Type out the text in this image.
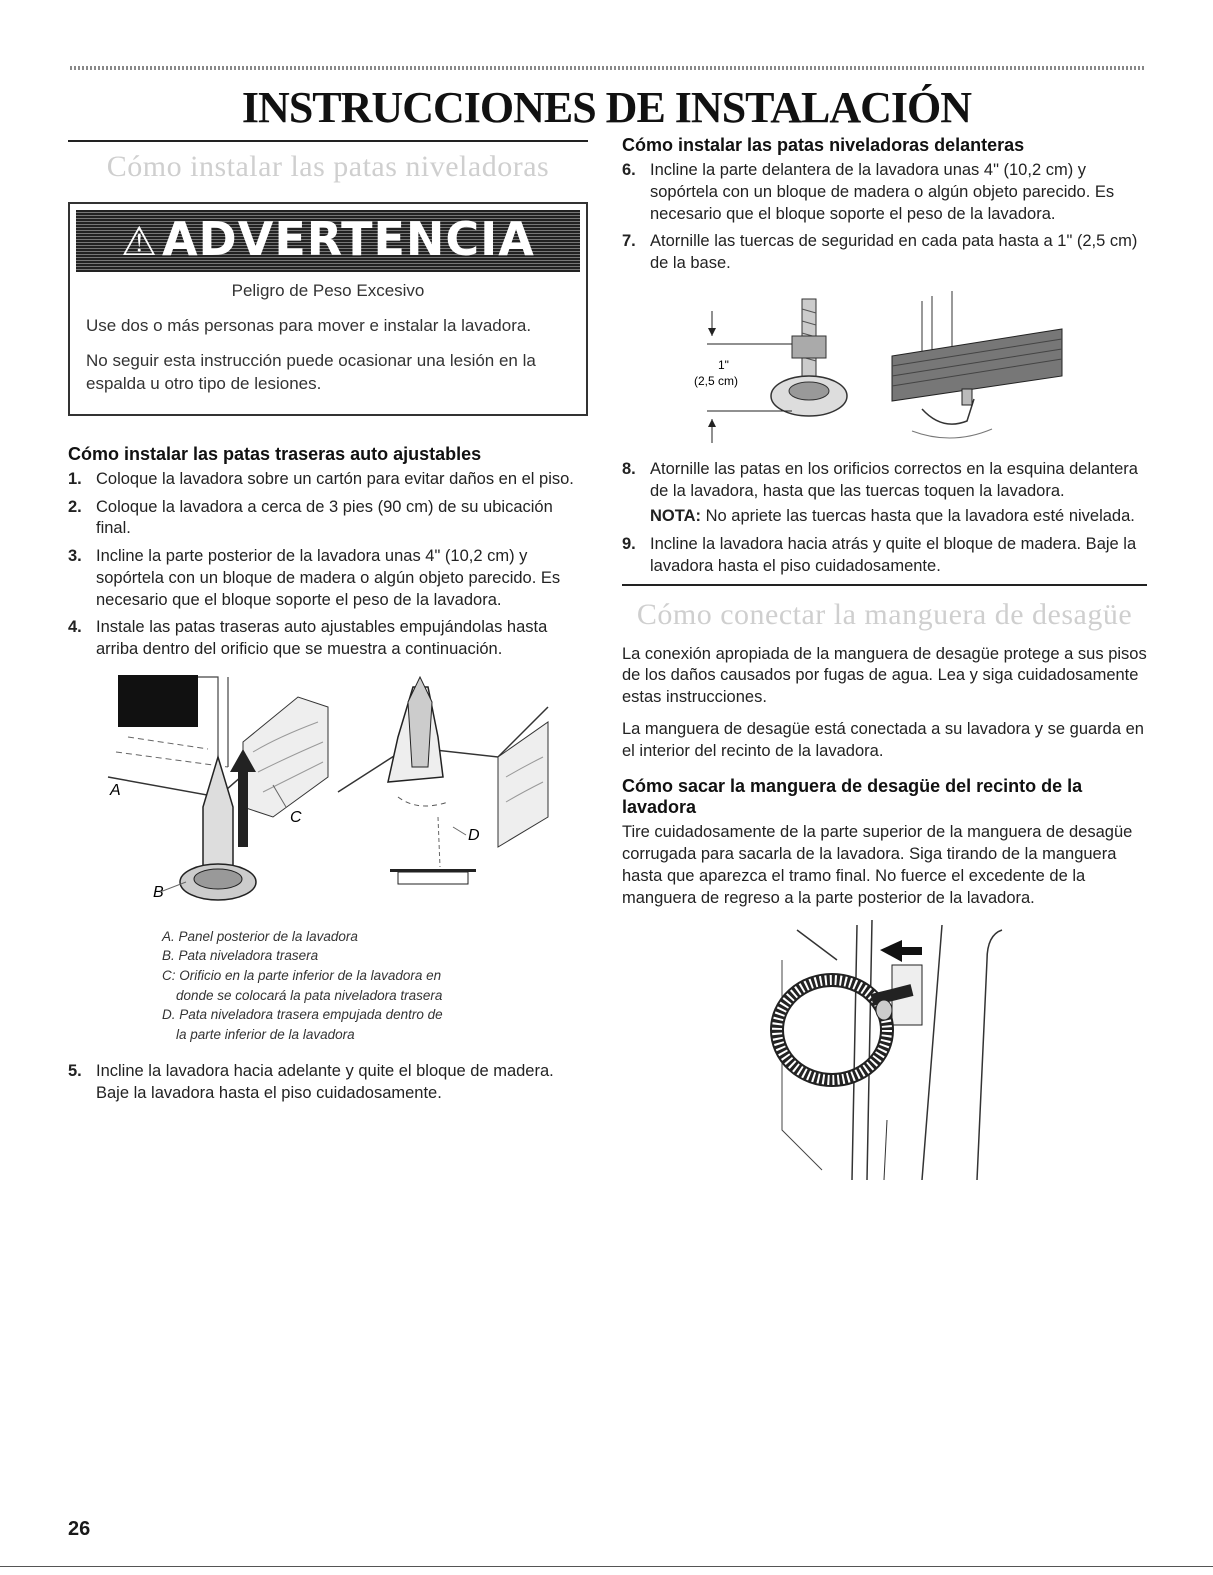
INSTRUCCIONES DE INSTALACIÓN
Cómo instalar las patas niveladoras
⚠ADVERTENCIA

Peligro de Peso Excesivo

Use dos o más personas para mover e instalar la lavadora.

No seguir esta instrucción puede ocasionar una lesión en la espalda u otro tipo de lesiones.

Cómo instalar las patas traseras auto ajustables
1. Coloque la lavadora sobre un cartón para evitar daños en el piso.
2. Coloque la lavadora a cerca de 3 pies (90 cm) de su ubicación final.
3. Incline la parte posterior de la lavadora unas 4" (10,2 cm) y sopórtela con un bloque de madera o algún objeto parecido. Es necesario que el bloque soporte el peso de la lavadora.
4. Instale las patas traseras auto ajustables empujándolas hasta arriba dentro del orificio que se muestra a continuación.
A
B
C
D
A. Panel posterior de la lavadora
B. Pata niveladora trasera
C: Orificio en la parte inferior de la lavadora en
donde se colocará la pata niveladora trasera
D. Pata niveladora trasera empujada dentro de
la parte inferior de la lavadora
5. Incline la lavadora hacia adelante y quite el bloque de madera. Baje la lavadora hasta el piso cuidadosamente.
Cómo instalar las patas niveladoras delanteras
6. Incline la parte delantera de la lavadora unas 4" (10,2 cm) y sopórtela con un bloque de madera o algún objeto parecido. Es necesario que el bloque soporte el peso de la lavadora.
7. Atornille las tuercas de seguridad en cada pata hasta a 1" (2,5 cm) de la base.
1"
(2,5 cm)
8. Atornille las patas en los orificios correctos en la esquina delantera de la lavadora, hasta que las tuercas toquen la lavadora.

NOTA: No apriete las tuercas hasta que la lavadora esté nivelada.

9. Incline la lavadora hacia atrás y quite el bloque de madera. Baje la lavadora hasta el piso cuidadosamente.
Cómo conectar la manguera de desagüe

La conexión apropiada de la manguera de desagüe protege a sus pisos de los daños causados por fugas de agua. Lea y siga cuidadosamente estas instrucciones.

La manguera de desagüe está conectada a su lavadora y se guarda en el interior del recinto de la lavadora.

Cómo sacar la manguera de desagüe del recinto de la lavadora

Tire cuidadosamente de la parte superior de la manguera de desagüe corrugada para sacarla de la lavadora. Siga tirando de la manguera hasta que aparezca el tramo final. No fuerce el excedente de la manguera de regreso a la parte posterior de la lavadora.

26
